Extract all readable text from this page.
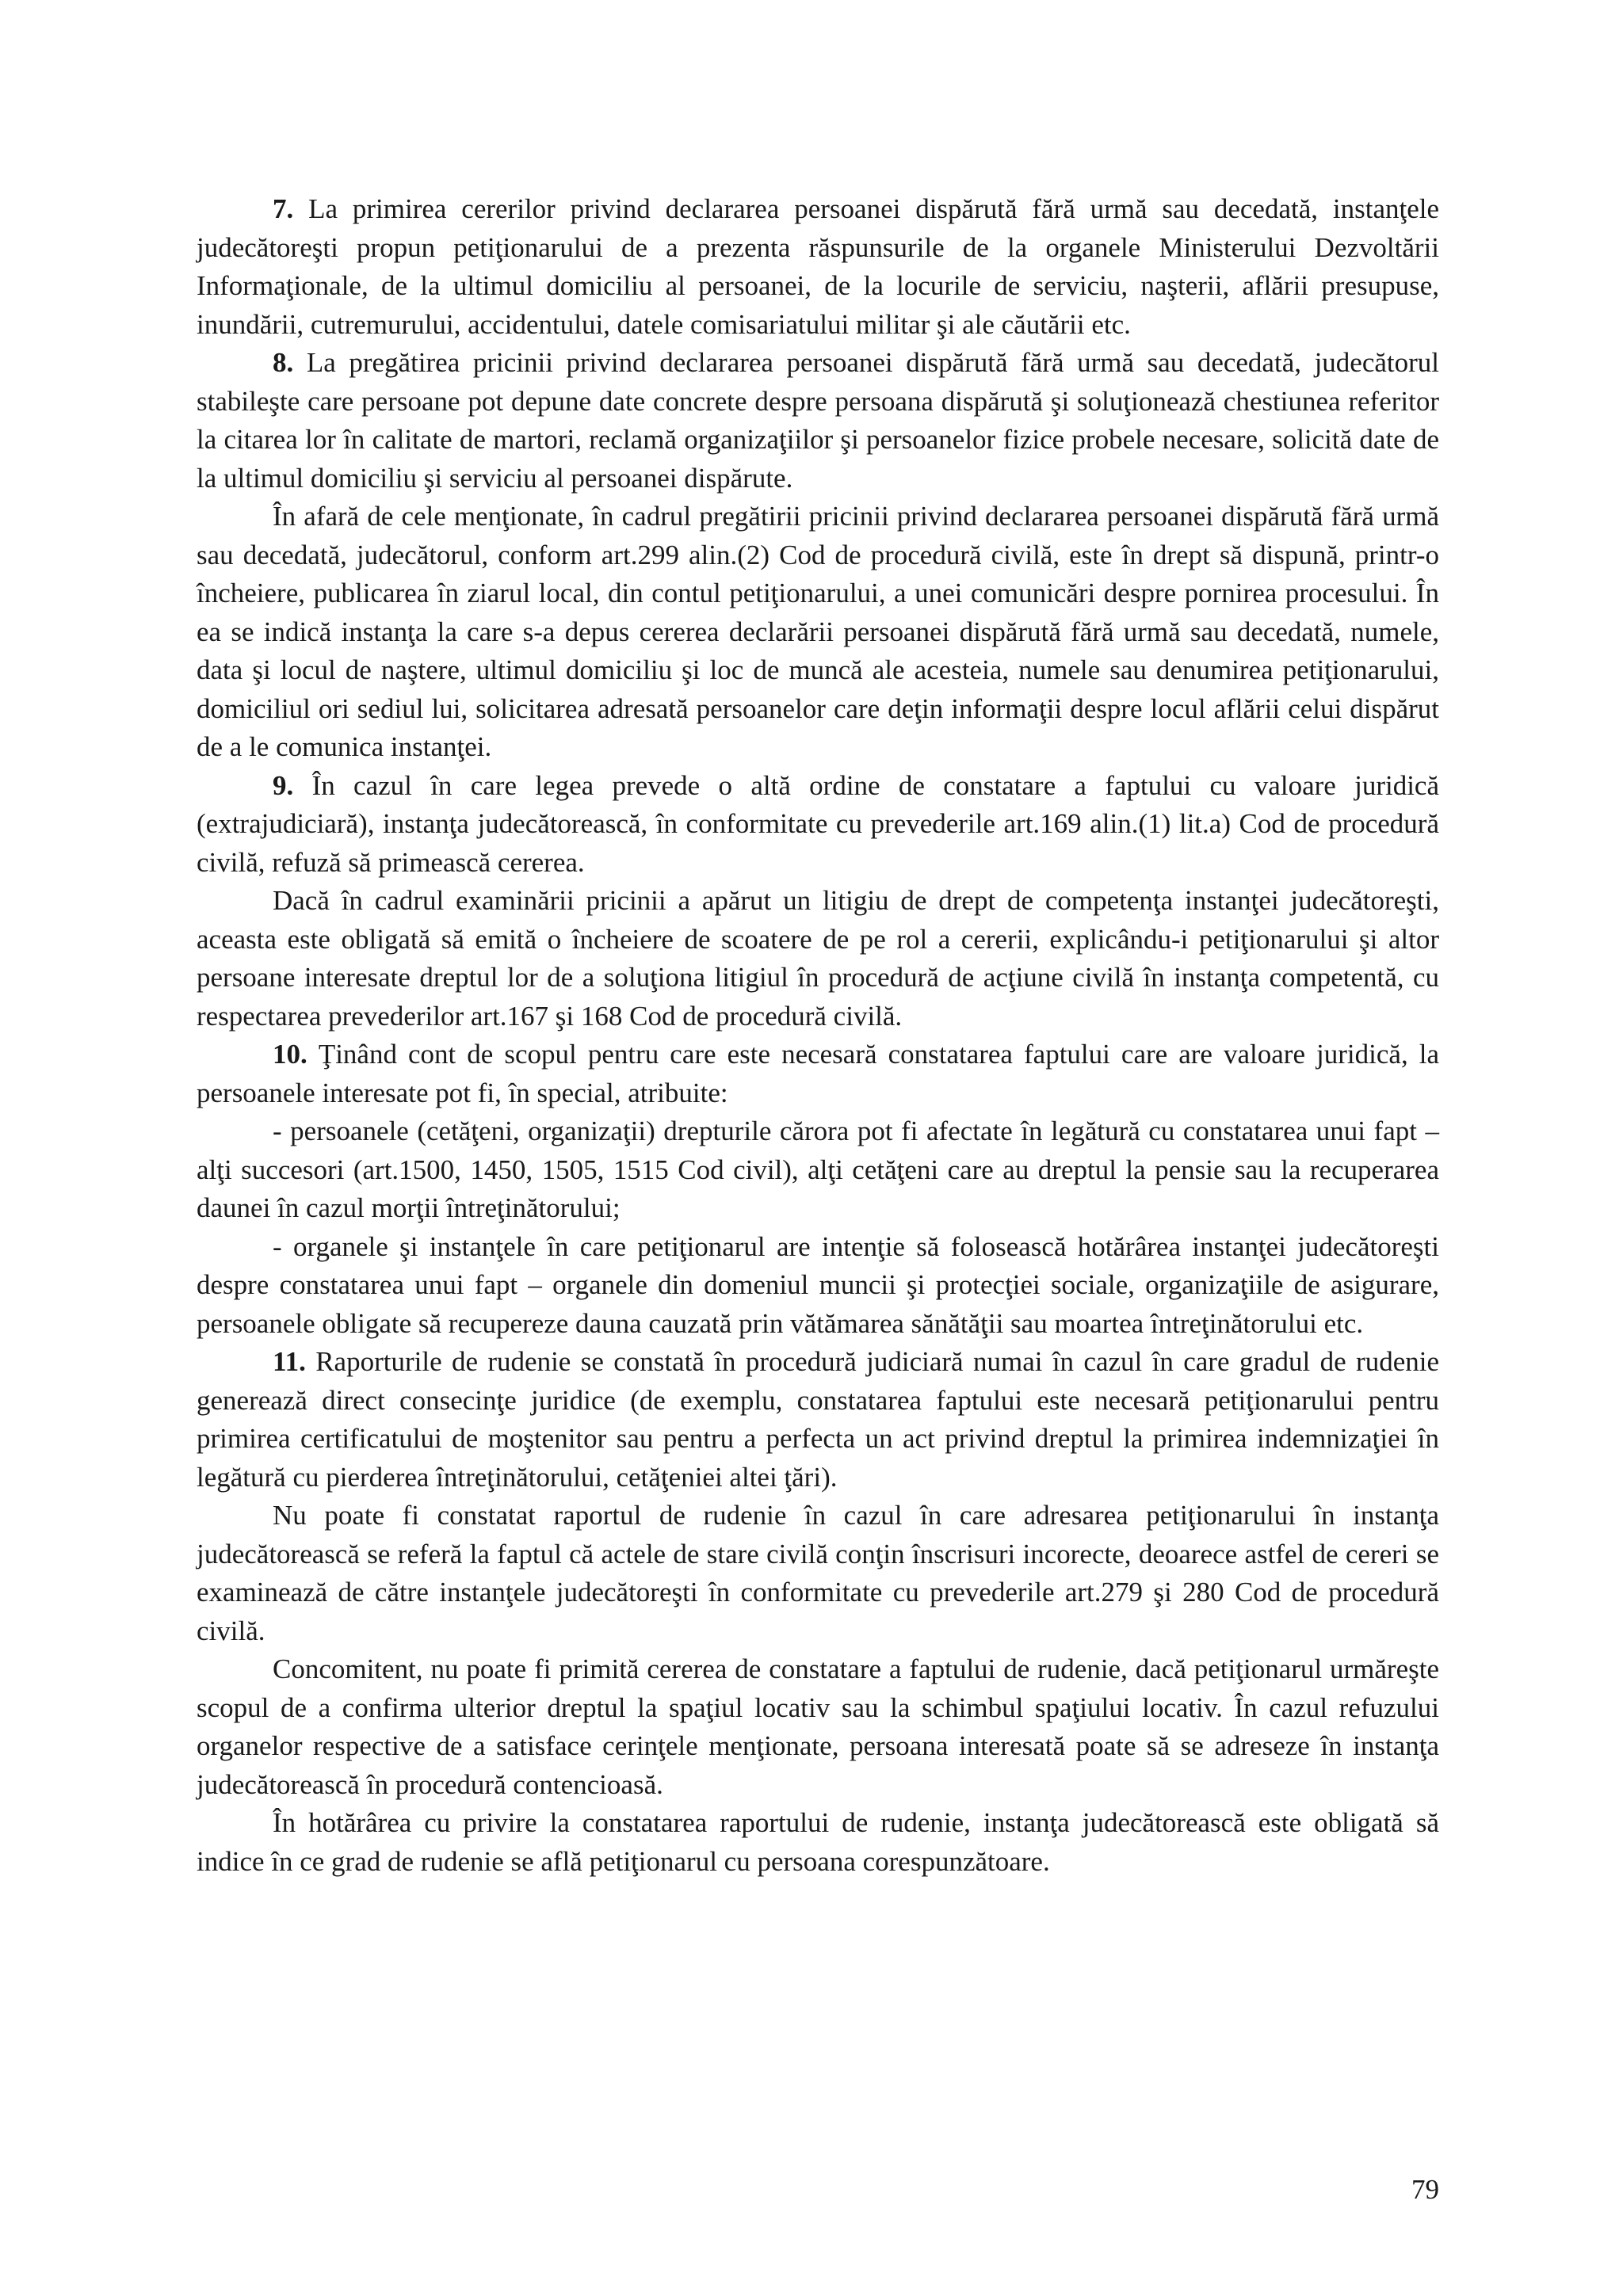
7. La primirea cererilor privind declararea persoanei dispărută fără urmă sau decedată, instanţele judecătoreşti propun petiţionarului de a prezenta răspunsurile de la organele Ministerului Dezvoltării Informaţionale, de la ultimul domiciliu al persoanei, de la locurile de serviciu, naşterii, aflării presupuse, inundării, cutremurului, accidentului, datele comisariatului militar şi ale căutării etc.

8. La pregătirea pricinii privind declararea persoanei dispărută fără urmă sau decedată, judecătorul stabileşte care persoane pot depune date concrete despre persoana dispărută şi soluţionează chestiunea referitor la citarea lor în calitate de martori, reclamă organizaţiilor şi persoanelor fizice probele necesare, solicită date de la ultimul domiciliu şi serviciu al persoanei dispărute.

În afară de cele menţionate, în cadrul pregătirii pricinii privind declararea persoanei dispărută fără urmă sau decedată, judecătorul, conform art.299 alin.(2) Cod de procedură civilă, este în drept să dispună, printr-o încheiere, publicarea în ziarul local, din contul petiţionarului, a unei comunicări despre pornirea procesului. În ea se indică instanţa la care s-a depus cererea declarării persoanei dispărută fără urmă sau decedată, numele, data şi locul de naştere, ultimul domiciliu şi loc de muncă ale acesteia, numele sau denumirea petiţionarului, domiciliul ori sediul lui, solicitarea adresată persoanelor care deţin informaţii despre locul aflării celui dispărut de a le comunica instanţei.

9. În cazul în care legea prevede o altă ordine de constatare a faptului cu valoare juridică (extrajudiciară), instanţa judecătorească, în conformitate cu prevederile art.169 alin.(1) lit.a) Cod de procedură civilă, refuză să primească cererea.

Dacă în cadrul examinării pricinii a apărut un litigiu de drept de competenţa instanţei judecătoreşti, aceasta este obligată să emită o încheiere de scoatere de pe rol a cererii, explicându-i petiţionarului şi altor persoane interesate dreptul lor de a soluţiona litigiul în procedură de acţiune civilă în instanţa competentă, cu respectarea prevederilor art.167 şi 168 Cod de procedură civilă.

10. Ţinând cont de scopul pentru care este necesară constatarea faptului care are valoare juridică, la persoanele interesate pot fi, în special, atribuite:

- persoanele (cetăţeni, organizaţii) drepturile cărora pot fi afectate în legătură cu constatarea unui fapt – alţi succesori (art.1500, 1450, 1505, 1515 Cod civil), alţi cetăţeni care au dreptul la pensie sau la recuperarea daunei în cazul morţii întreţinătorului;

- organele şi instanţele în care petiţionarul are intenţie să folosească hotărârea instanţei judecătoreşti despre constatarea unui fapt – organele din domeniul muncii şi protecţiei sociale, organizaţiile de asigurare, persoanele obligate să recupereze dauna cauzată prin vătămarea sănătăţii sau moartea întreţinătorului etc.

11. Raporturile de rudenie se constată în procedură judiciară numai în cazul în care gradul de rudenie generează direct consecinţe juridice (de exemplu, constatarea faptului este necesară petiţionarului pentru primirea certificatului de moştenitor sau pentru a perfecta un act privind dreptul la primirea indemnizaţiei în legătură cu pierderea întreţinătorului, cetăţeniei altei ţări).

Nu poate fi constatat raportul de rudenie în cazul în care adresarea petiţionarului în instanţa judecătorească se referă la faptul că actele de stare civilă conţin înscrisuri incorecte, deoarece astfel de cereri se examinează de către instanţele judecătoreşti în conformitate cu prevederile art.279 şi 280 Cod de procedură civilă.

Concomitent, nu poate fi primită cererea de constatare a faptului de rudenie, dacă petiţionarul urmăreşte scopul de a confirma ulterior dreptul la spaţiul locativ sau la schimbul spaţiului locativ. În cazul refuzului organelor respective de a satisface cerinţele menţionate, persoana interesată poate să se adreseze în instanţa judecătorească în procedură contencioasă.

În hotărârea cu privire la constatarea raportului de rudenie, instanţa judecătorească este obligată să indice în ce grad de rudenie se află petiţionarul cu persoana corespunzătoare.

79
